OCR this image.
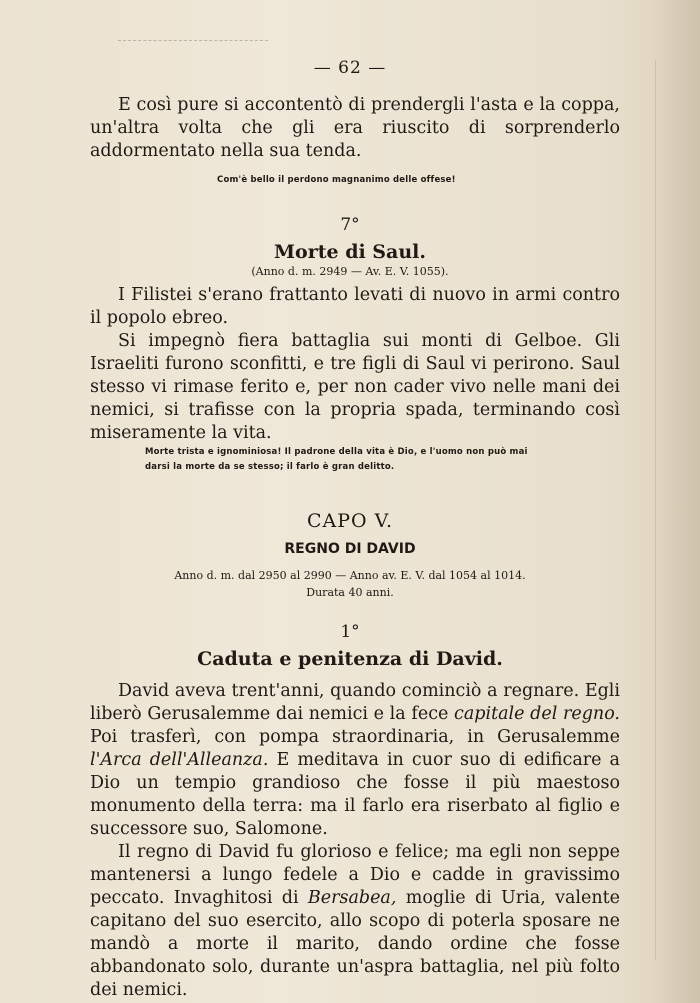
— 62 —

E così pure si accontentò di prendergli l'asta e la coppa, un'altra volta che gli era riuscito di sorprenderlo addormentato nella sua tenda.

Com'è bello il perdono magnanimo delle offese!
7°
Morte di Saul.
(Anno d. m. 2949 — Av. E. V. 1055).

I Filistei s'erano frattanto levati di nuovo in armi contro il popolo ebreo.

Si impegnò fiera battaglia sui monti di Gelboe. Gli Israeliti furono sconfitti, e tre figli di Saul vi perirono. Saul stesso vi rimase ferito e, per non cader vivo nelle mani dei nemici, si trafisse con la propria spada, terminando così miseramente la vita.

Morte trista e ignominiosa! Il padrone della vita è Dio, e l'uomo non può mai
darsi la morte da se stesso; il farlo è gran delitto.
CAPO V.
REGNO DI DAVID
Anno d. m. dal 2950 al 2990 — Anno av. E. V. dal 1054 al 1014.
Durata 40 anni.
1°
Caduta e penitenza di David.

David aveva trent'anni, quando cominciò a regnare. Egli liberò Gerusalemme dai nemici e la fece capitale del regno. Poi trasferì, con pompa straordinaria, in Gerusalemme l'Arca dell'Alleanza. E meditava in cuor suo di edificare a Dio un tempio grandioso che fosse il più maestoso monumento della terra: ma il farlo era riserbato al figlio e successore suo, Salomone.

Il regno di David fu glorioso e felice; ma egli non seppe mantenersi a lungo fedele a Dio e cadde in gravissimo peccato. Invaghitosi di Bersabea, moglie di Uria, valente capitano del suo esercito, allo scopo di poterla sposare ne mandò a morte il marito, dando ordine che fosse abbandonato solo, durante un'aspra battaglia, nel più folto dei nemici.
